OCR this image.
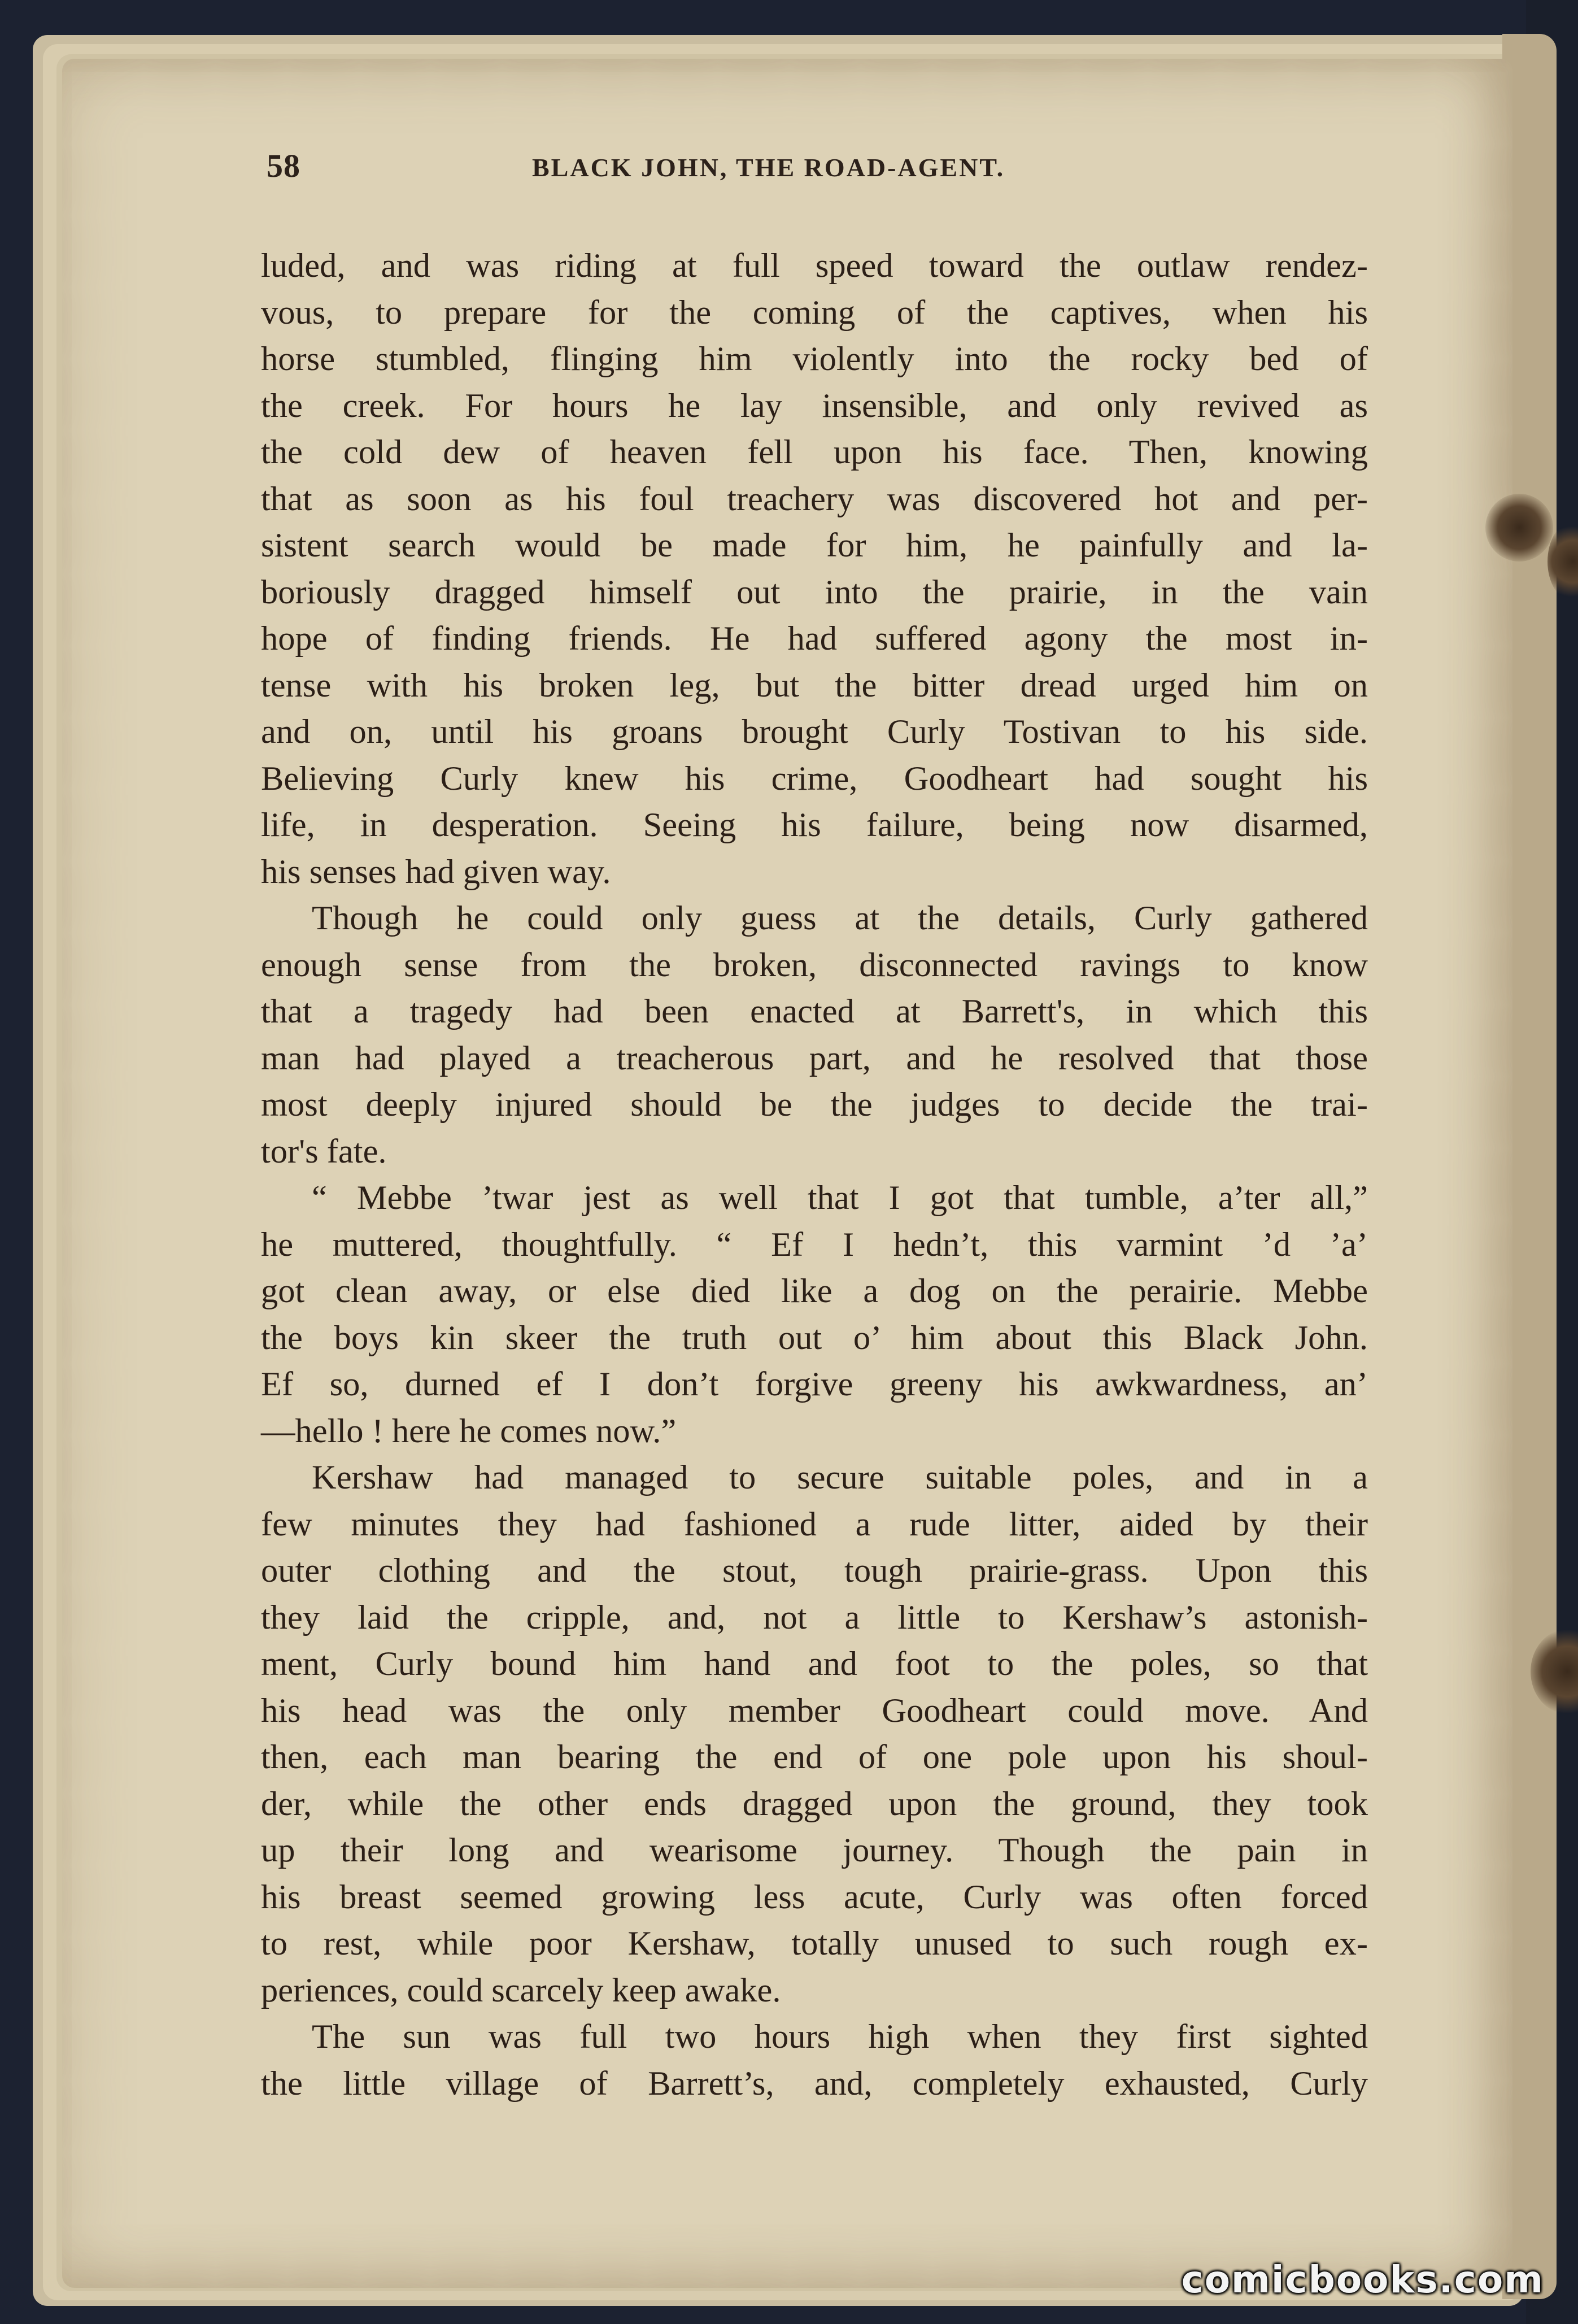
58	BLACK JOHN, THE ROAD-AGENT.
luded, and was riding at full speed toward the outlaw rendez-
vous, to prepare for the coming of the captives, when his
horse stumbled, flinging him violently into the rocky bed of
the creek. For hours he lay insensible, and only revived as
the cold dew of heaven fell upon his face. Then, knowing
that as soon as his foul treachery was discovered hot and per-
sistent search would be made for him, he painfully and la-
boriously dragged himself out into the prairie, in the vain
hope of finding friends. He had suffered agony the most in-
tense with his broken leg, but the bitter dread urged him on
and on, until his groans brought Curly Tostivan to his side.
Believing Curly knew his crime, Goodheart had sought his
life, in desperation. Seeing his failure, being now disarmed,
his senses had given way.
Though he could only guess at the details, Curly gathered
enough sense from the broken, disconnected ravings to know
that a tragedy had been enacted at Barrett's, in which this
man had played a treacherous part, and he resolved that those
most deeply injured should be the judges to decide the trai-
tor's fate.
“ Mebbe ’twar jest as well that I got that tumble, a’ter all,”
he muttered, thoughtfully. “ Ef I hedn’t, this varmint ’d ’a’
got clean away, or else died like a dog on the perairie. Mebbe
the boys kin skeer the truth out o’ him about this Black John.
Ef so, durned ef I don’t forgive greeny his awkwardness, an’
—hello ! here he comes now.”
Kershaw had managed to secure suitable poles, and in a
few minutes they had fashioned a rude litter, aided by their
outer clothing and the stout, tough prairie-grass. Upon this
they laid the cripple, and, not a little to Kershaw’s astonish-
ment, Curly bound him hand and foot to the poles, so that
his head was the only member Goodheart could move. And
then, each man bearing the end of one pole upon his shoul-
der, while the other ends dragged upon the ground, they took
up their long and wearisome journey. Though the pain in
his breast seemed growing less acute, Curly was often forced
to rest, while poor Kershaw, totally unused to such rough ex-
periences, could scarcely keep awake.
The sun was full two hours high when they first sighted
the little village of Barrett’s, and, completely exhausted, Curly
comicbooks.com
